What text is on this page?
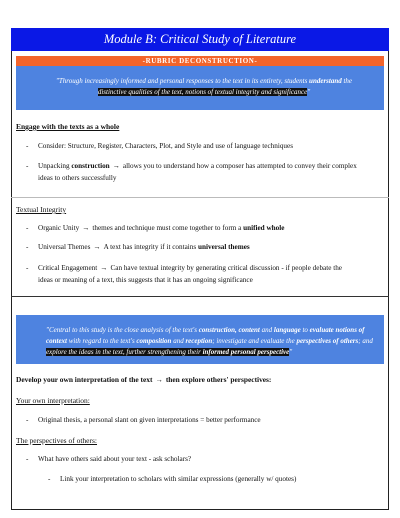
Module B: Critical Study of Literature
-RUBRIC DECONSTRUCTION-
"Through increasingly informed and personal responses to the text in its entirety, students understand the distinctive qualities of the text, notions of textual integrity and significance"
Engage with the texts as a whole
- Consider: Structure, Register, Characters, Plot, and Style and use of language techniques
- Unpacking construction → allows you to understand how a composer has attempted to convey their complex
ideas to others successfully
Textual Integrity
- Organic Unity → themes and technique must come together to form a unified whole
- Universal Themes → A text has integrity if it contains universal themes
- Critical Engagement → Can have textual integrity by generating critical discussion - if people debate the
ideas or meaning of a text, this suggests that it has an ongoing significance
"Central to this study is the close analysis of the text's construction, content and language to evaluate notions of context with regard to the text's composition and reception; investigate and evaluate the perspectives of others; and explore the ideas in the text, further strengthening their informed personal perspective"
Develop your own interpretation of the text → then explore others' perspectives:
Your own interpretation:
- Original thesis, a personal slant on given interpretations = better performance
The perspectives of others:
- What have others said about your text - ask scholars?
- Link your interpretation to scholars with similar expressions (generally w/ quotes)
